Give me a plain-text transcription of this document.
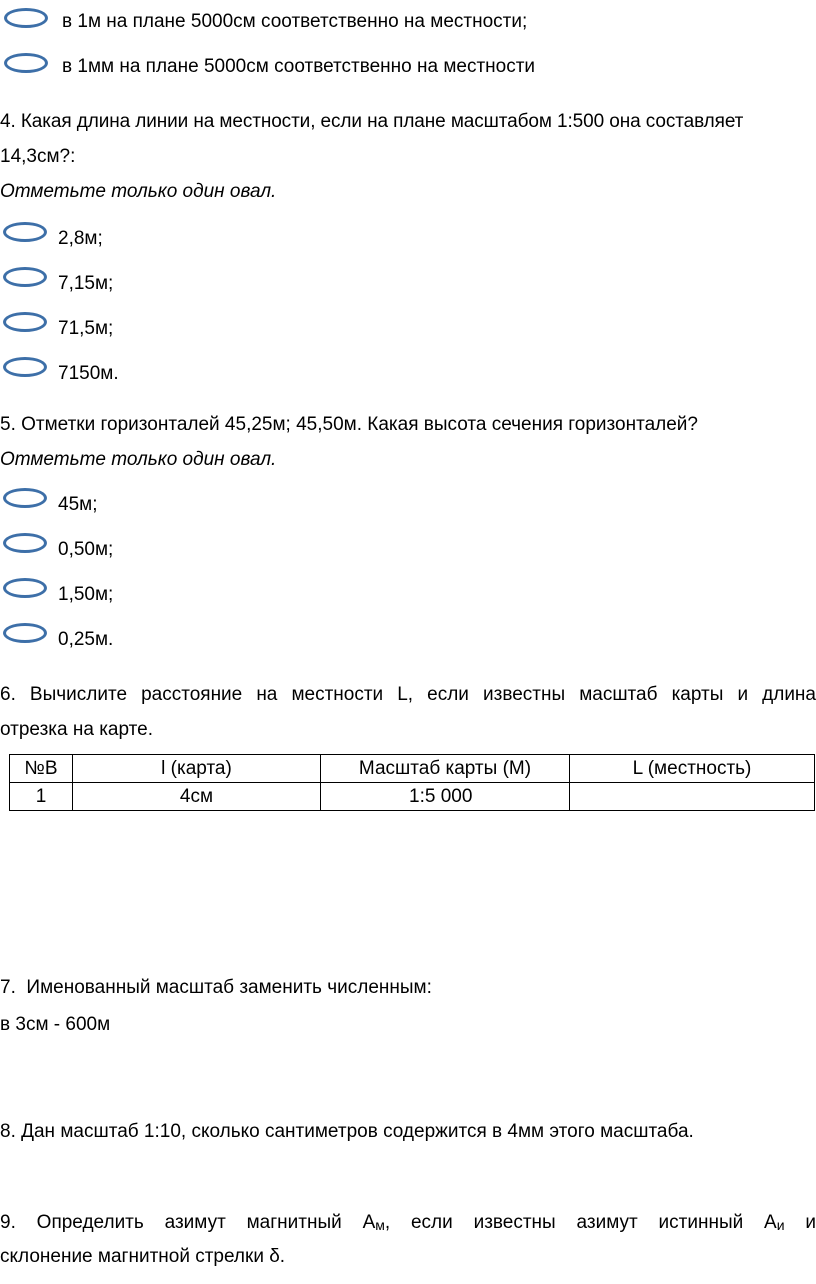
в 1м на плане 5000см соответственно на местности;
в 1мм на плане 5000см соответственно на местности
4. Какая длина линии на местности, если на плане масштабом 1:500 она составляет
14,3см?:
Отметьте только один овал.
2,8м;
7,15м;
71,5м;
7150м.
5. Отметки горизонталей 45,25м; 45,50м. Какая высота сечения горизонталей?
Отметьте только один овал.
45м;
0,50м;
1,50м;
0,25м.
6. Вычислите расстояние на местности L, если известны масштаб карты и длина
отрезка на карте.
№В	l (карта)	Масштаб карты (М)	L (местность)
1	4см	1:5 000	
7. Именованный масштаб заменить численным:
в 3см - 600м
8. Дан масштаб 1:10, сколько сантиметров содержится в 4мм этого масштаба.
9. Определить азимут магнитный $А_м$, если известны азимут истинный $А_и$ и
склонение магнитной стрелки δ.
